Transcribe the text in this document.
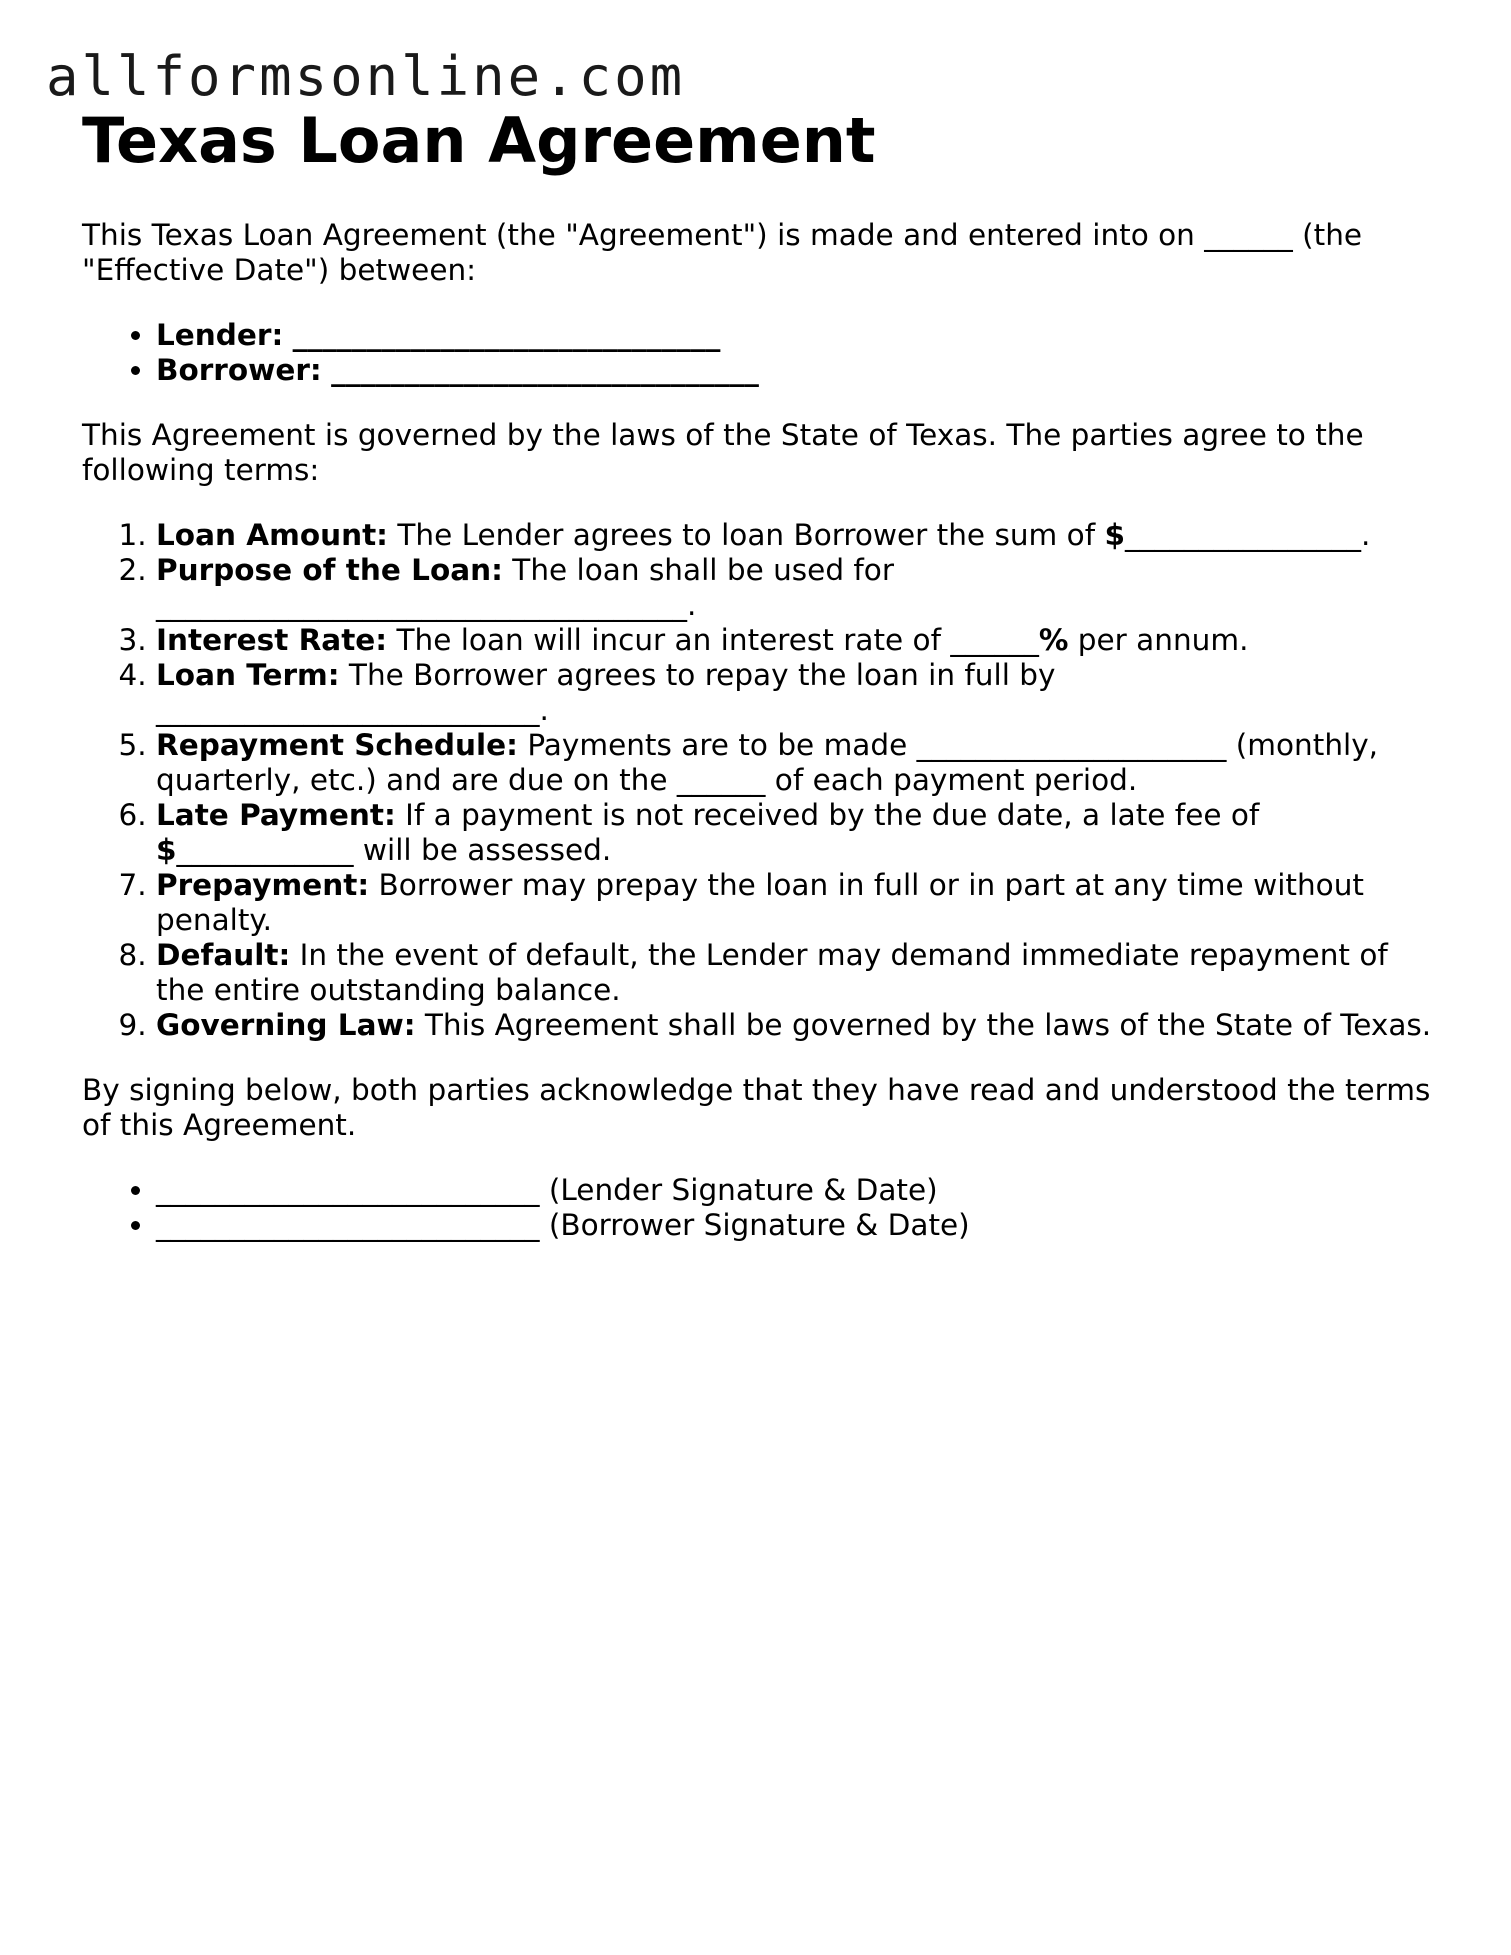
allformsonline.com
Texas Loan Agreement

This Texas Loan Agreement (the "Agreement") is made and entered into on ______ (the "Effective Date") between:

• Lender: _____________________________
• Borrower: _____________________________

This Agreement is governed by the laws of the State of Texas. The parties agree to the following terms:

1. Loan Amount: The Lender agrees to loan Borrower the sum of $________________.
2. Purpose of the Loan: The loan shall be used for ____________________________________.
3. Interest Rate: The loan will incur an interest rate of ______% per annum.
4. Loan Term: The Borrower agrees to repay the loan in full by __________________________.
5. Repayment Schedule: Payments are to be made _____________________ (monthly, quarterly, etc.) and are due on the ______ of each payment period.
6. Late Payment: If a payment is not received by the due date, a late fee of $____________ will be assessed.
7. Prepayment: Borrower may prepay the loan in full or in part at any time without penalty.
8. Default: In the event of default, the Lender may demand immediate repayment of the entire outstanding balance.
9. Governing Law: This Agreement shall be governed by the laws of the State of Texas.

By signing below, both parties acknowledge that they have read and understood the terms of this Agreement.

• __________________________ (Lender Signature & Date)
• __________________________ (Borrower Signature & Date)
